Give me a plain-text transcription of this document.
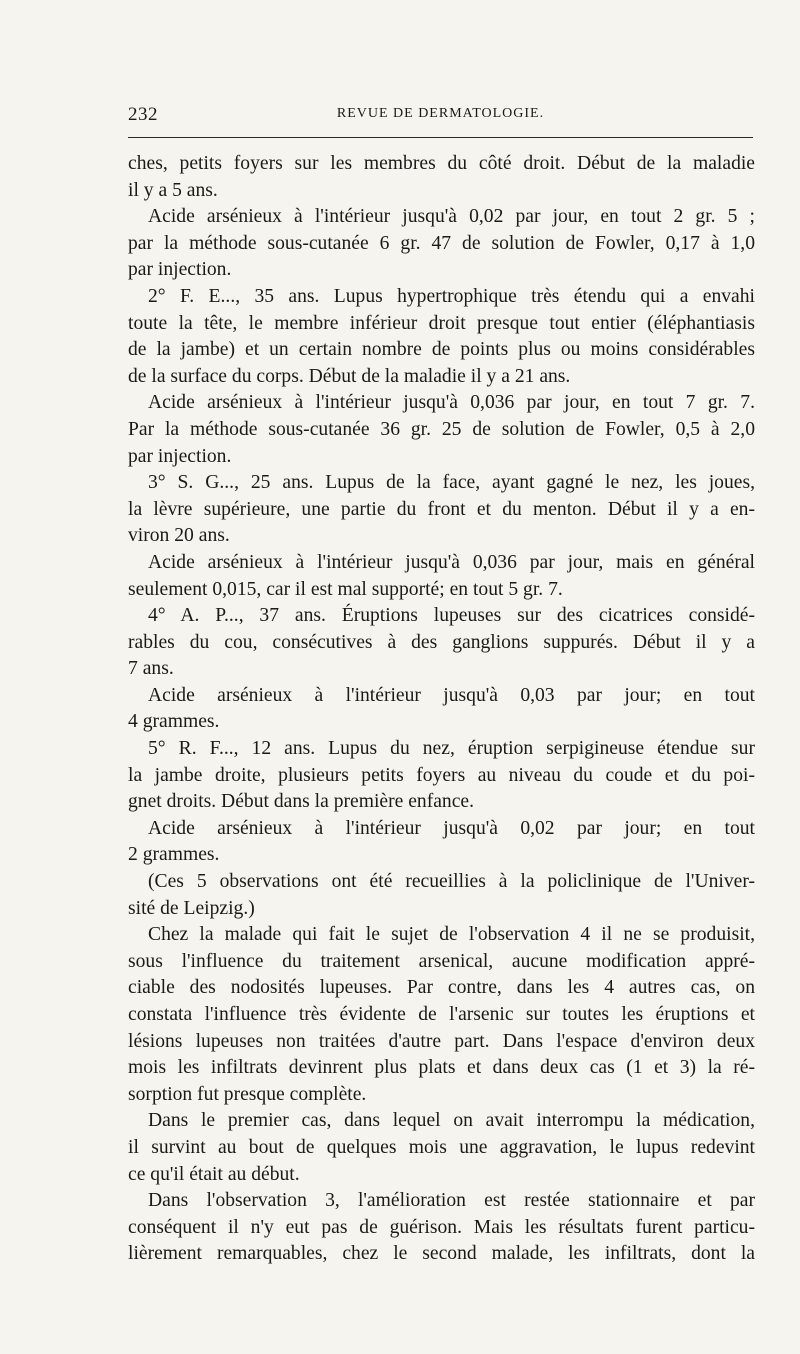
232	REVUE DE DERMATOLOGIE.
ches, petits foyers sur les membres du côté droit. Début de la maladie
il y a 5 ans.
Acide arsénieux à l'intérieur jusqu'à 0,02 par jour, en tout 2 gr. 5 ;
par la méthode sous-cutanée 6 gr. 47 de solution de Fowler, 0,17 à 1,0
par injection.
2° F. E..., 35 ans. Lupus hypertrophique très étendu qui a envahi
toute la tête, le membre inférieur droit presque tout entier (éléphantiasis
de la jambe) et un certain nombre de points plus ou moins considérables
de la surface du corps. Début de la maladie il y a 21 ans.
Acide arsénieux à l'intérieur jusqu'à 0,036 par jour, en tout 7 gr. 7.
Par la méthode sous-cutanée 36 gr. 25 de solution de Fowler, 0,5 à 2,0
par injection.
3° S. G..., 25 ans. Lupus de la face, ayant gagné le nez, les joues,
la lèvre supérieure, une partie du front et du menton. Début il y a en-
viron 20 ans.
Acide arsénieux à l'intérieur jusqu'à 0,036 par jour, mais en général
seulement 0,015, car il est mal supporté; en tout 5 gr. 7.
4° A. P..., 37 ans. Éruptions lupeuses sur des cicatrices considé-
rables du cou, consécutives à des ganglions suppurés. Début il y a
7 ans.
Acide arsénieux à l'intérieur jusqu'à 0,03 par jour; en tout
4 grammes.
5° R. F..., 12 ans. Lupus du nez, éruption serpigineuse étendue sur
la jambe droite, plusieurs petits foyers au niveau du coude et du poi-
gnet droits. Début dans la première enfance.
Acide arsénieux à l'intérieur jusqu'à 0,02 par jour; en tout
2 grammes.
(Ces 5 observations ont été recueillies à la policlinique de l'Univer-
sité de Leipzig.)
Chez la malade qui fait le sujet de l'observation 4 il ne se produisit,
sous l'influence du traitement arsenical, aucune modification appré-
ciable des nodosités lupeuses. Par contre, dans les 4 autres cas, on
constata l'influence très évidente de l'arsenic sur toutes les éruptions et
lésions lupeuses non traitées d'autre part. Dans l'espace d'environ deux
mois les infiltrats devinrent plus plats et dans deux cas (1 et 3) la ré-
sorption fut presque complète.
Dans le premier cas, dans lequel on avait interrompu la médication,
il survint au bout de quelques mois une aggravation, le lupus redevint
ce qu'il était au début.
Dans l'observation 3, l'amélioration est restée stationnaire et par
conséquent il n'y eut pas de guérison. Mais les résultats furent particu-
lièrement remarquables, chez le second malade, les infiltrats, dont la
